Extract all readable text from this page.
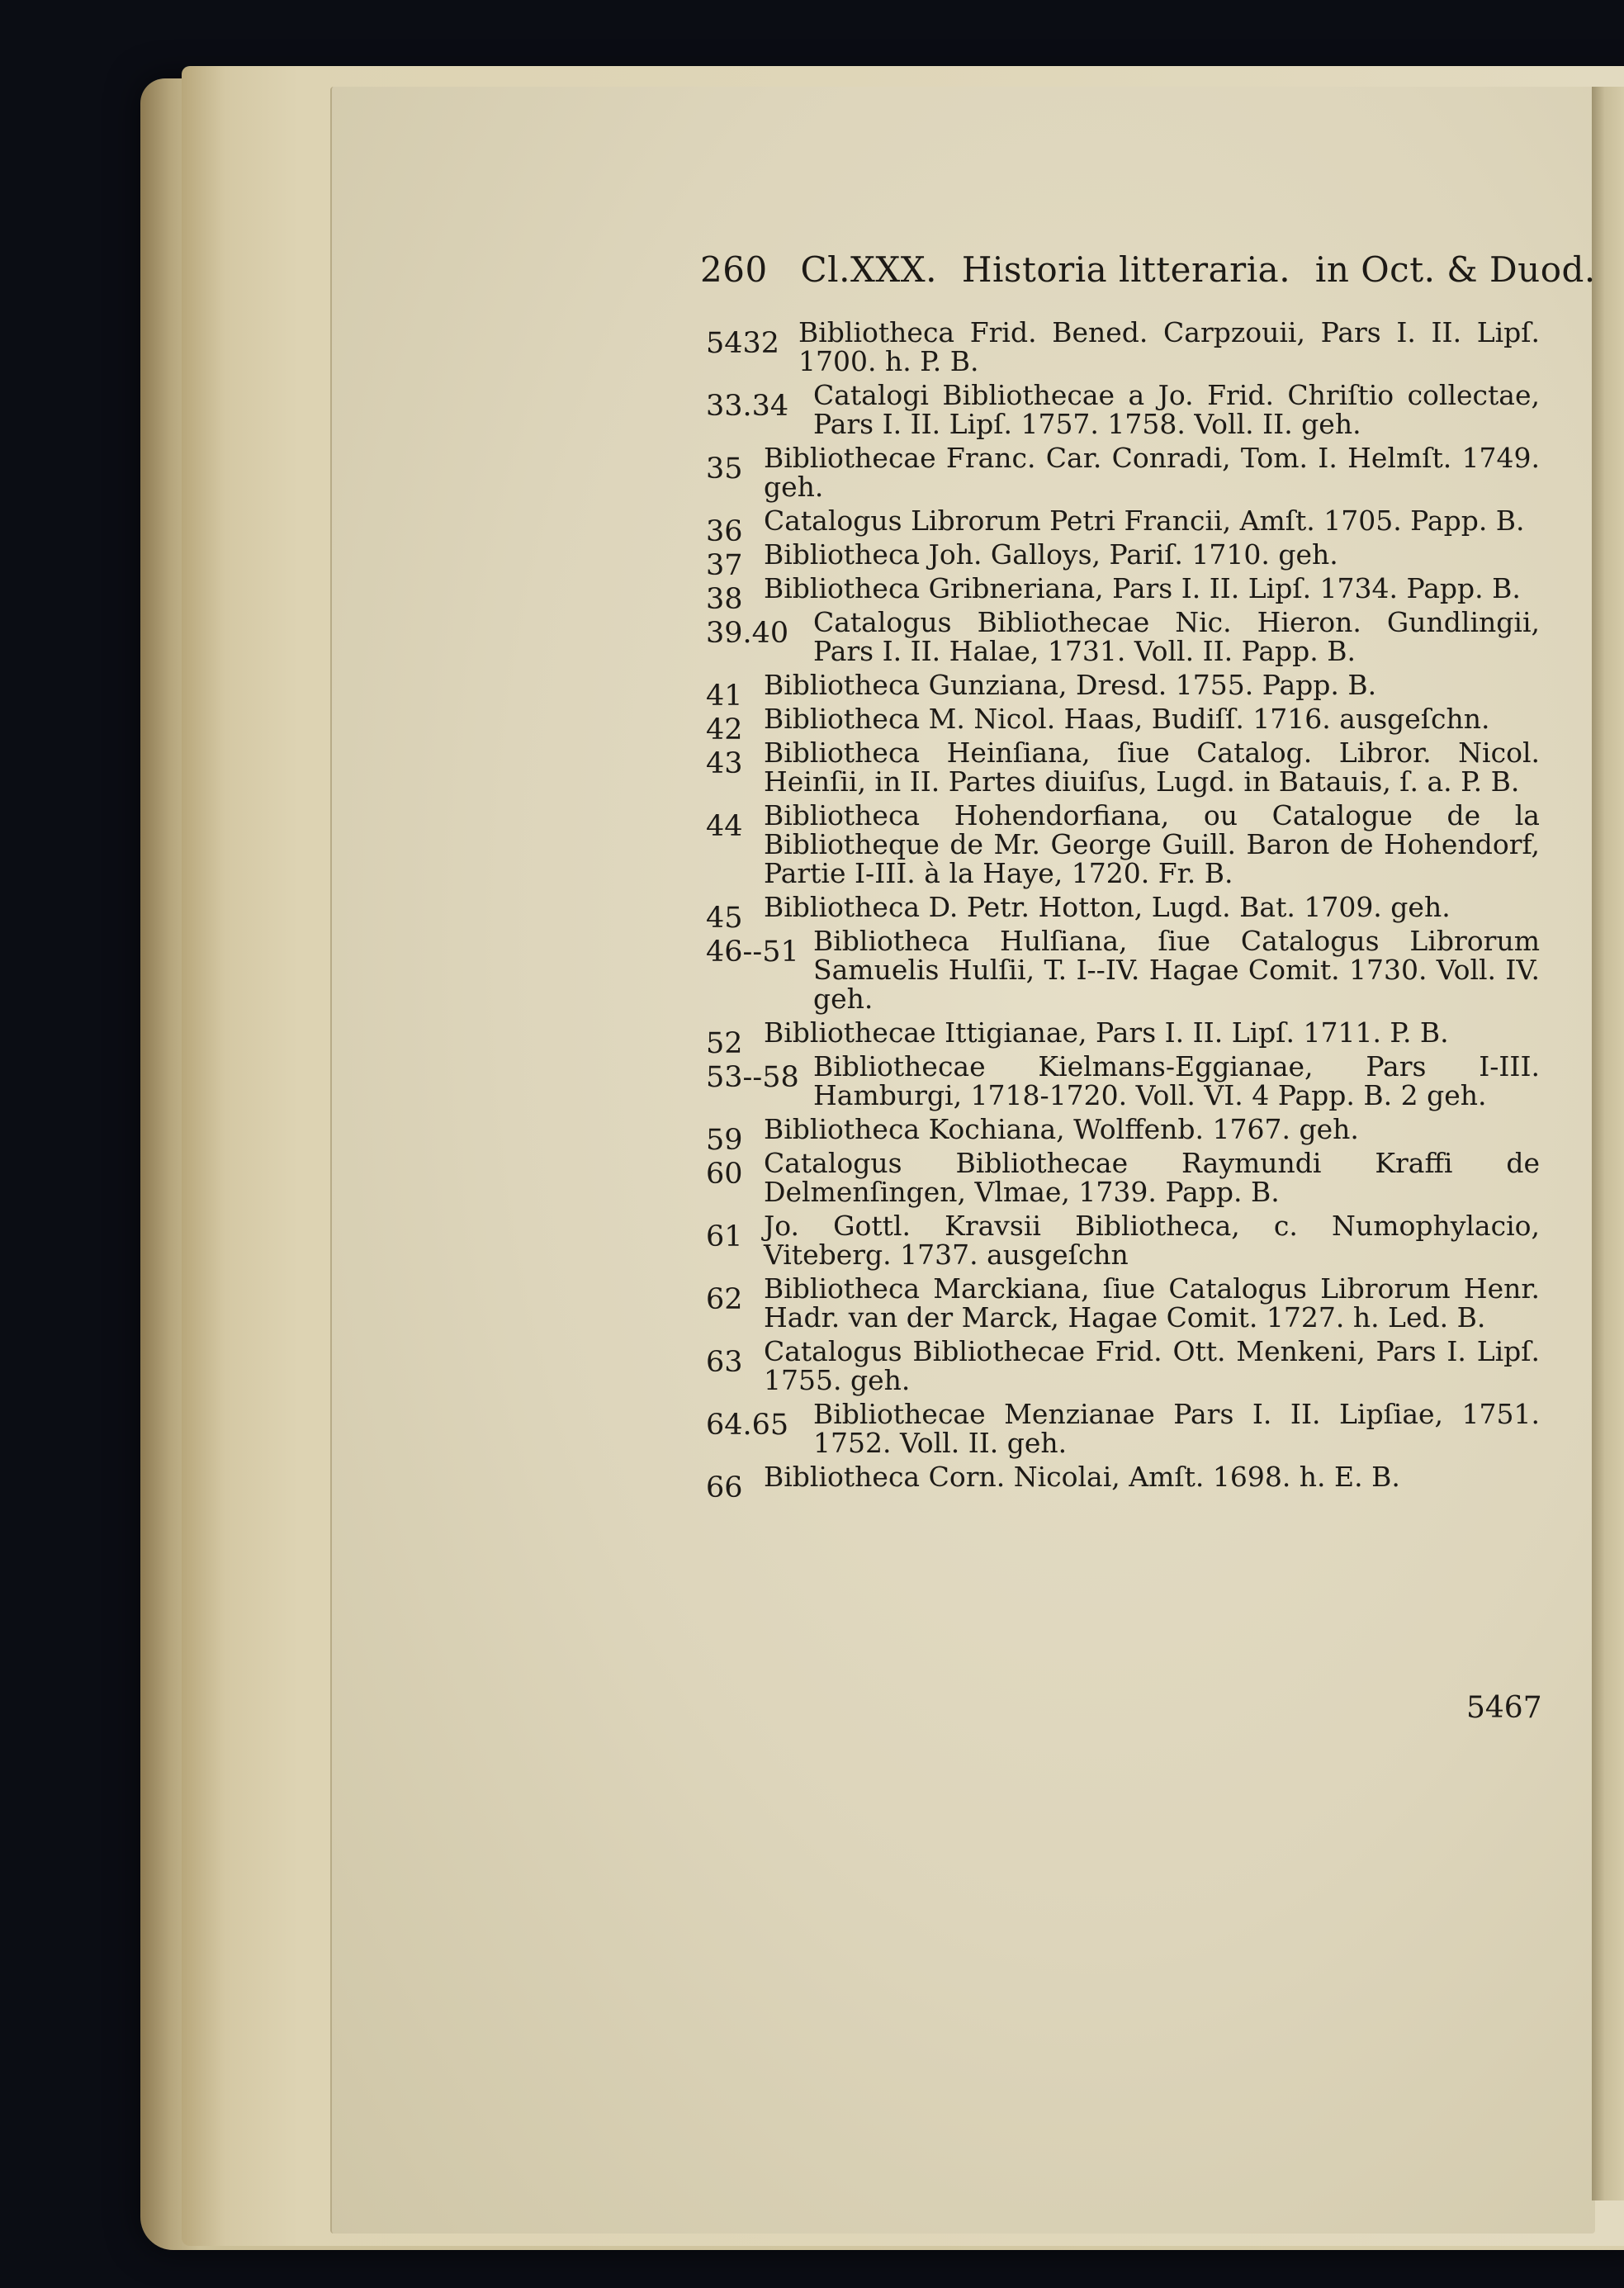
260 Cl.XXX. Historia litteraria. in Oct. & Duod.
5432 Bibliotheca Frid. Bened. Carpzouii, Pars I. II. Lipſ. 1700. h. P. B.
33.34 Catalogi Bibliothecae a Jo. Frid. Chriſtio collectae, Pars I. II. Lipſ. 1757. 1758. Voll. II. geh.
35 Bibliothecae Franc. Car. Conradi, Tom. I. Helmſt. 1749. geh.
36 Catalogus Librorum Petri Francii, Amſt. 1705. Papp. B.
37 Bibliotheca Joh. Galloys, Pariſ. 1710. geh.
38 Bibliotheca Gribneriana, Pars I. II. Lipſ. 1734. Papp. B.
39.40 Catalogus Bibliothecae Nic. Hieron. Gundlingii, Pars I. II. Halae, 1731. Voll. II. Papp. B.
41 Bibliotheca Gunziana, Dresd. 1755. Papp. B.
42 Bibliotheca M. Nicol. Haas, Budiſſ. 1716. ausgeſchn.
43 Bibliotheca Heinſiana, ſiue Catalog. Libror. Nicol. Heinſii, in II. Partes diuiſus, Lugd. in Batauis, ſ. a. P. B.
44 Bibliotheca Hohendorfiana, ou Catalogue de la Bibliotheque de Mr. George Guill. Baron de Hohendorf, Partie I-III. à la Haye, 1720. Fr. B.
45 Bibliotheca D. Petr. Hotton, Lugd. Bat. 1709. geh.
46--51 Bibliotheca Hulſiana, ſiue Catalogus Librorum Samuelis Hulſii, T. I--IV. Hagae Comit. 1730. Voll. IV. geh.
52 Bibliothecae Ittigianae, Pars I. II. Lipſ. 1711. P. B.
53--58 Bibliothecae Kielmans-Eggianae, Pars I-III. Hamburgi, 1718-1720. Voll. VI. 4 Papp. B. 2 geh.
59 Bibliotheca Kochiana, Wolffenb. 1767. geh.
60 Catalogus Bibliothecae Raymundi Kraffi de Delmenſingen, Vlmae, 1739. Papp. B.
61 Jo. Gottl. Kravsii Bibliotheca, c. Numophylacio, Viteberg. 1737. ausgeſchn
62 Bibliotheca Marckiana, ſiue Catalogus Librorum Henr. Hadr. van der Marck, Hagae Comit. 1727. h. Led. B.
63 Catalogus Bibliothecae Frid. Ott. Menkeni, Pars I. Lipſ. 1755. geh.
64.65 Bibliothecae Menzianae Pars I. II. Lipſiae, 1751. 1752. Voll. II. geh.
66 Bibliotheca Corn. Nicolai, Amſt. 1698. h. E. B.
5467
